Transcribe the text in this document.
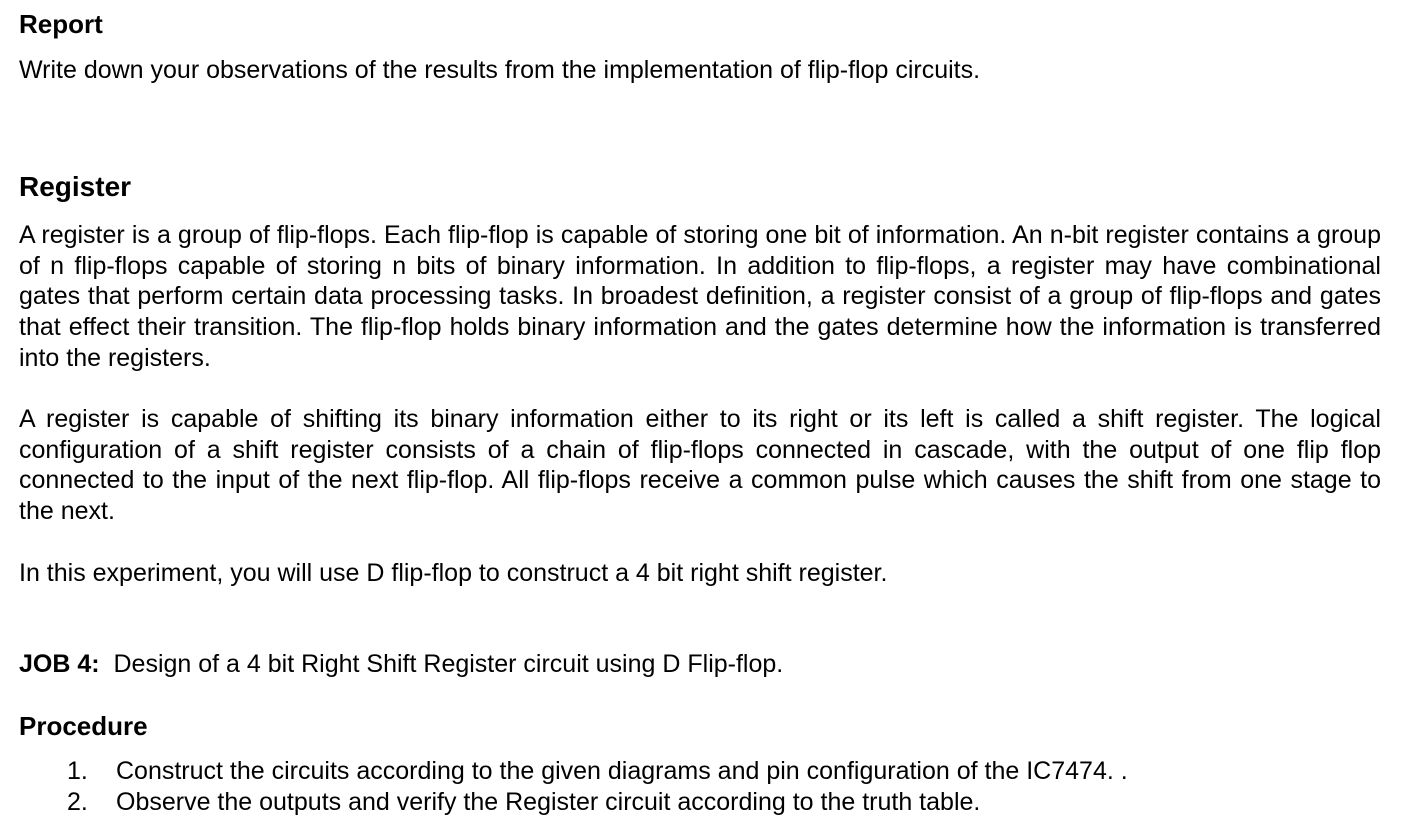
Report

Write down your observations of the results from the implementation of flip-flop circuits.

Register

A register is a group of flip-flops. Each flip-flop is capable of storing one bit of information. An n-bit register contains a group of n flip-flops capable of storing n bits of binary information. In addition to flip-flops, a register may have combinational gates that perform certain data processing tasks. In broadest definition, a register consist of a group of flip-flops and gates that effect their transition. The flip-flop holds binary information and the gates determine how the information is transferred into the registers.

A register is capable of shifting its binary information either to its right or its left is called a shift register. The logical configuration of a shift register consists of a chain of flip-flops connected in cascade, with the output of one flip flop connected to the input of the next flip-flop. All flip-flops receive a common pulse which causes the shift from one stage to the next.

In this experiment, you will use D flip-flop to construct a 4 bit right shift register.

JOB 4: Design of a 4 bit Right Shift Register circuit using D Flip-flop.

Procedure
1. Construct the circuits according to the given diagrams and pin configuration of the IC7474. .
2. Observe the outputs and verify the Register circuit according to the truth table.
